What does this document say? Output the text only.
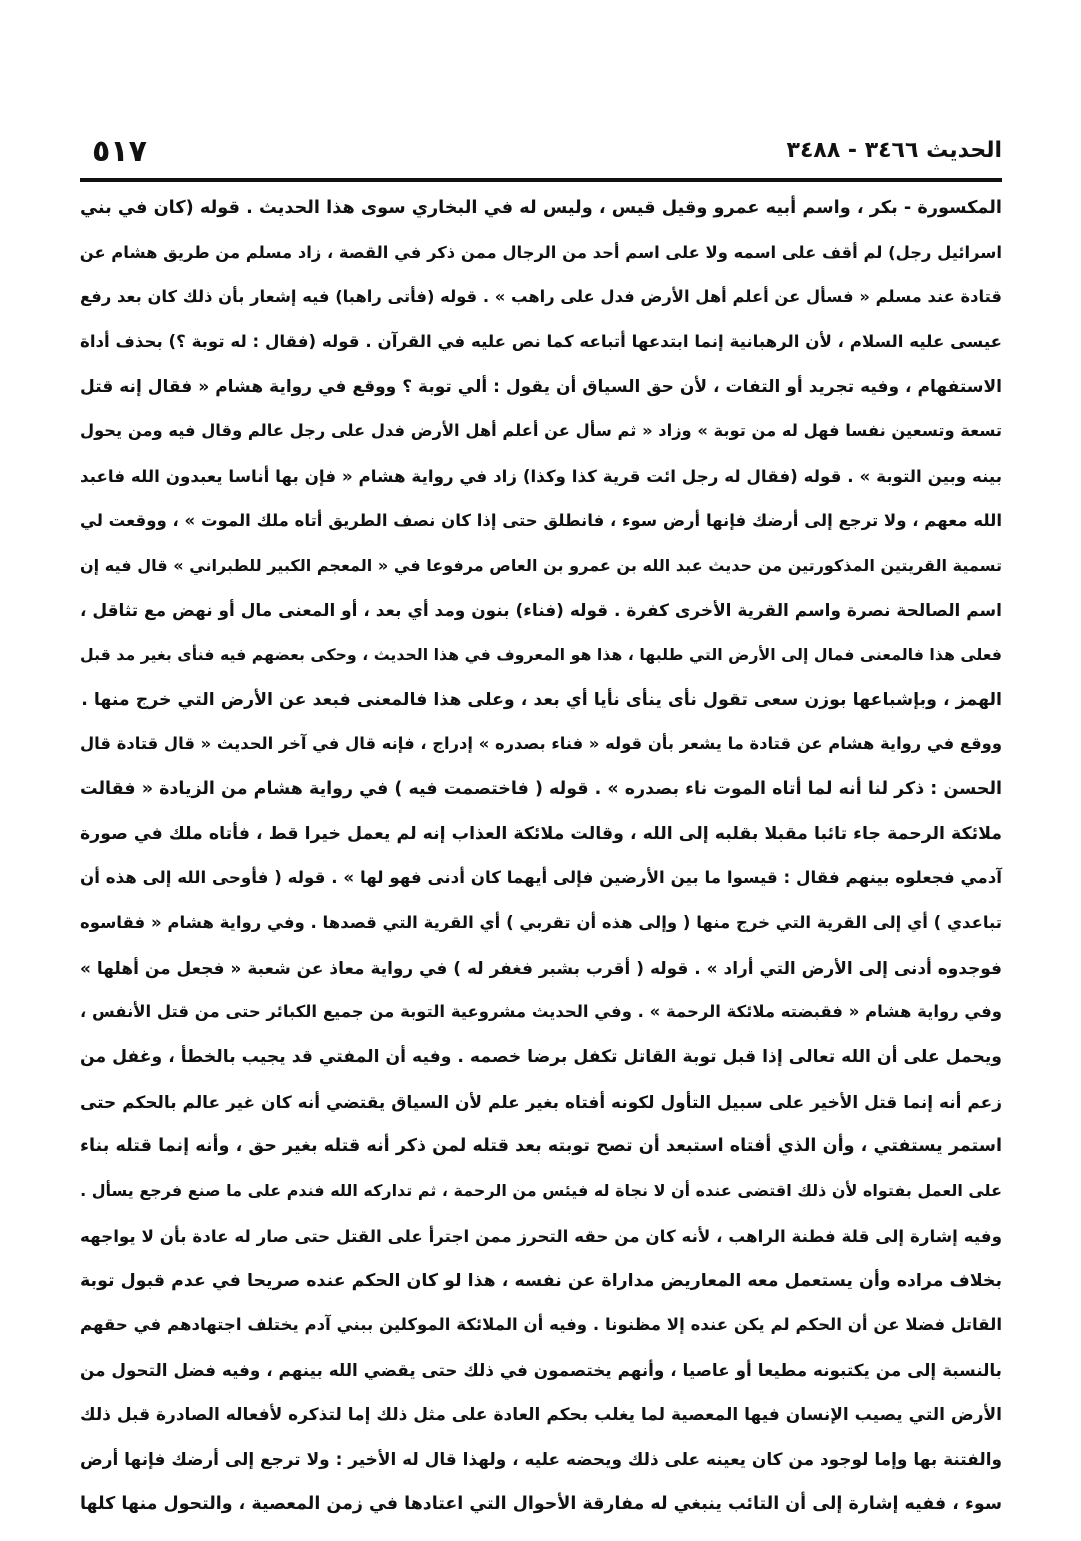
الحديث ٣٤٦٦ - ٣٤٨٨
٥١٧
المكسورة - بكر ، واسم أبيه عمرو وقيل قيس ، وليس له في البخاري سوى هذا الحديث . قوله (كان في بني
اسرائيل رجل) لم أقف على اسمه ولا على اسم أحد من الرجال ممن ذكر في القصة ، زاد مسلم من طريق هشام عن
قتادة عند مسلم « فسأل عن أعلم أهل الأرض فدل على راهب » . قوله (فأتى راهبا) فيه إشعار بأن ذلك كان بعد رفع
عيسى عليه السلام ، لأن الرهبانية إنما ابتدعها أتباعه كما نص عليه في القرآن . قوله (فقال : له توبة ؟) بحذف أداة
الاستفهام ، وفيه تجريد أو التفات ، لأن حق السياق أن يقول : ألي توبة ؟ ووقع في رواية هشام « فقال إنه قتل
تسعة وتسعين نفسا فهل له من توبة » وزاد « ثم سأل عن أعلم أهل الأرض فدل على رجل عالم وقال فيه ومن يحول
بينه وبين التوبة » . قوله (فقال له رجل ائت قرية كذا وكذا) زاد في رواية هشام « فإن بها أناسا يعبدون الله فاعبد
الله معهم ، ولا ترجع إلى أرضك فإنها أرض سوء ، فانطلق حتى إذا كان نصف الطريق أتاه ملك الموت » ، ووقعت لي
تسمية القريتين المذكورتين من حديث عبد الله بن عمرو بن العاص مرفوعا في « المعجم الكبير للطبراني » قال فيه إن
اسم الصالحة نصرة واسم القرية الأخرى كفرة . قوله (فناء) بنون ومد أي بعد ، أو المعنى مال أو نهض مع تثاقل ،
فعلى هذا فالمعنى فمال إلى الأرض التي طلبها ، هذا هو المعروف في هذا الحديث ، وحكى بعضهم فيه فنأى بغير مد قبل
الهمز ، وبإشباعها بوزن سعى تقول نأى ينأى نأيا أي بعد ، وعلى هذا فالمعنى فبعد عن الأرض التي خرج منها .
ووقع في رواية هشام عن قتادة ما يشعر بأن قوله « فناء بصدره » إدراج ، فإنه قال في آخر الحديث « قال قتادة قال
الحسن : ذكر لنا أنه لما أتاه الموت ناء بصدره » . قوله ( فاختصمت فيه ) في رواية هشام من الزيادة « فقالت
ملائكة الرحمة جاء تائبا مقبلا بقلبه إلى الله ، وقالت ملائكة العذاب إنه لم يعمل خيرا قط ، فأتاه ملك في صورة
آدمي فجعلوه بينهم فقال : قيسوا ما بين الأرضين فإلى أيهما كان أدنى فهو لها » . قوله ( فأوحى الله إلى هذه أن
تباعدي ) أي إلى القرية التي خرج منها ( وإلى هذه أن تقربي ) أي القرية التي قصدها . وفي رواية هشام « فقاسوه
فوجدوه أدنى إلى الأرض التي أراد » . قوله ( أقرب بشبر فغفر له ) في رواية معاذ عن شعبة « فجعل من أهلها »
وفي رواية هشام « فقبضته ملائكة الرحمة » . وفي الحديث مشروعية التوبة من جميع الكبائر حتى من قتل الأنفس ،
ويحمل على أن الله تعالى إذا قبل توبة القاتل تكفل برضا خصمه . وفيه أن المفتي قد يجيب بالخطأ ، وغفل من
زعم أنه إنما قتل الأخير على سبيل التأول لكونه أفتاه بغير علم لأن السياق يقتضي أنه كان غير عالم بالحكم حتى
استمر يستفتي ، وأن الذي أفتاه استبعد أن تصح توبته بعد قتله لمن ذكر أنه قتله بغير حق ، وأنه إنما قتله بناء
على العمل بفتواه لأن ذلك اقتضى عنده أن لا نجاة له فيئس من الرحمة ، ثم تداركه الله فندم على ما صنع فرجع يسأل .
وفيه إشارة إلى قلة فطنة الراهب ، لأنه كان من حقه التحرز ممن اجترأ على القتل حتى صار له عادة بأن لا يواجهه
بخلاف مراده وأن يستعمل معه المعاريض مداراة عن نفسه ، هذا لو كان الحكم عنده صريحا في عدم قبول توبة
القاتل فضلا عن أن الحكم لم يكن عنده إلا مظنونا . وفيه أن الملائكة الموكلين ببني آدم يختلف اجتهادهم في حقهم
بالنسبة إلى من يكتبونه مطيعا أو عاصيا ، وأنهم يختصمون في ذلك حتى يقضي الله بينهم ، وفيه فضل التحول من
الأرض التي يصيب الإنسان فيها المعصية لما يغلب بحكم العادة على مثل ذلك إما لتذكره لأفعاله الصادرة قبل ذلك
والفتنة بها وإما لوجود من كان يعينه على ذلك ويحضه عليه ، ولهذا قال له الأخير : ولا ترجع إلى أرضك فإنها أرض
سوء ، ففيه إشارة إلى أن التائب ينبغي له مفارقة الأحوال التي اعتادها في زمن المعصية ، والتحول منها كلها
